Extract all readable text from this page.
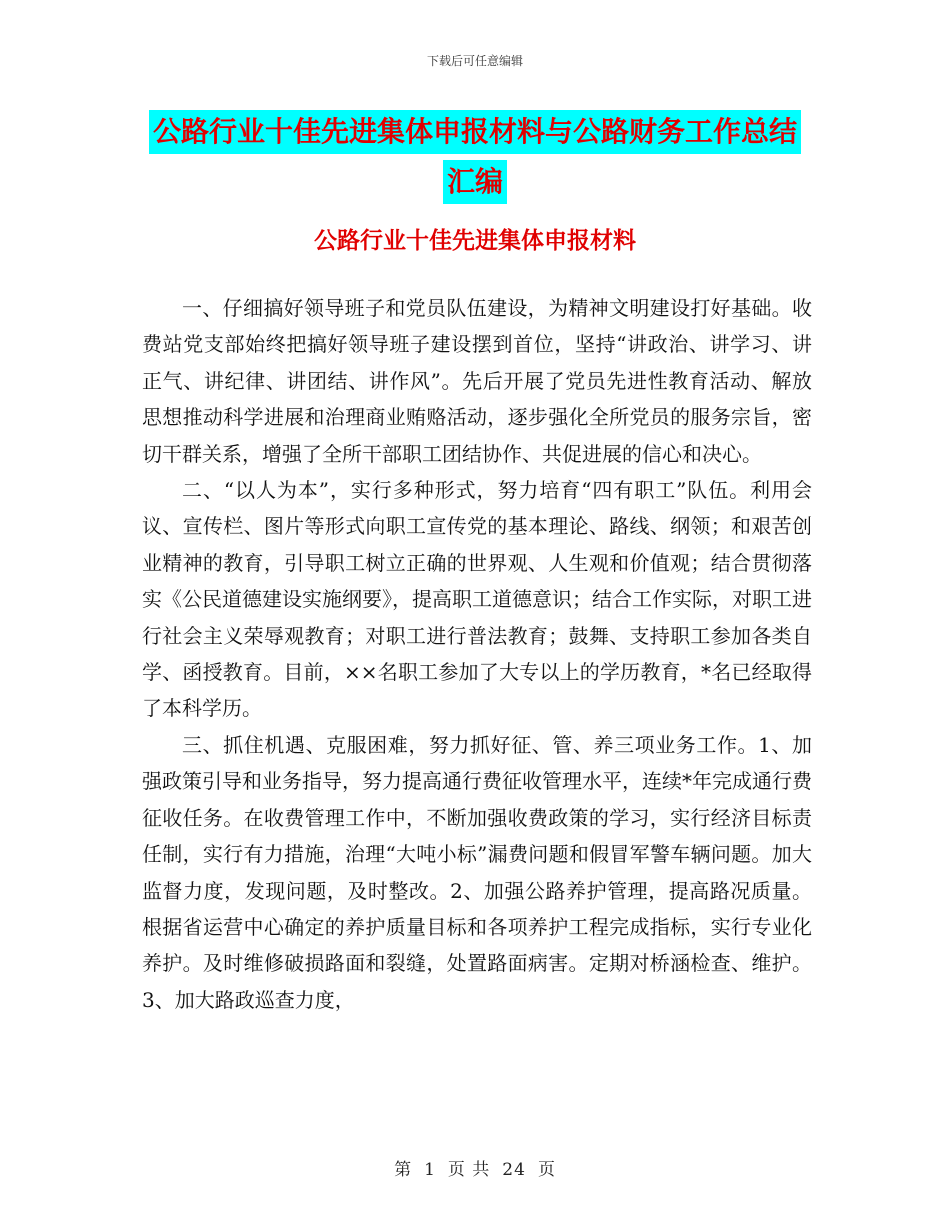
下载后可任意编辑
公路行业十佳先进集体申报材料与公路财务工作总结
汇编
公路行业十佳先进集体申报材料

一、仔细搞好领导班子和党员队伍建设，为精神文明建设打好基础。收费站党支部始终把搞好领导班子建设摆到首位，坚持“讲政治、讲学习、讲正气、讲纪律、讲团结、讲作风”。先后开展了党员先进性教育活动、解放思想推动科学进展和治理商业贿赂活动，逐步强化全所党员的服务宗旨，密切干群关系，增强了全所干部职工团结协作、共促进展的信心和决心。

二、“以人为本”，实行多种形式，努力培育“四有职工”队伍。利用会议、宣传栏、图片等形式向职工宣传党的基本理论、路线、纲领；和艰苦创业精神的教育，引导职工树立正确的世界观、人生观和价值观；结合贯彻落实《公民道德建设实施纲要》，提高职工道德意识；结合工作实际，对职工进行社会主义荣辱观教育；对职工进行普法教育；鼓舞、支持职工参加各类自学、函授教育。目前，××名职工参加了大专以上的学历教育，*名已经取得了本科学历。

三、抓住机遇、克服困难，努力抓好征、管、养三项业务工作。1、加强政策引导和业务指导，努力提高通行费征收管理水平，连续*年完成通行费征收任务。在收费管理工作中，不断加强收费政策的学习，实行经济目标责任制，实行有力措施，治理“大吨小标”漏费问题和假冒军警车辆问题。加大监督力度，发现问题，及时整改。2、加强公路养护管理，提高路况质量。根据省运营中心确定的养护质量目标和各项养护工程完成指标，实行专业化养护。及时维修破损路面和裂缝，处置路面病害。定期对桥涵检查、维护。3、加大路政巡查力度，

第 1 页 共 24 页
